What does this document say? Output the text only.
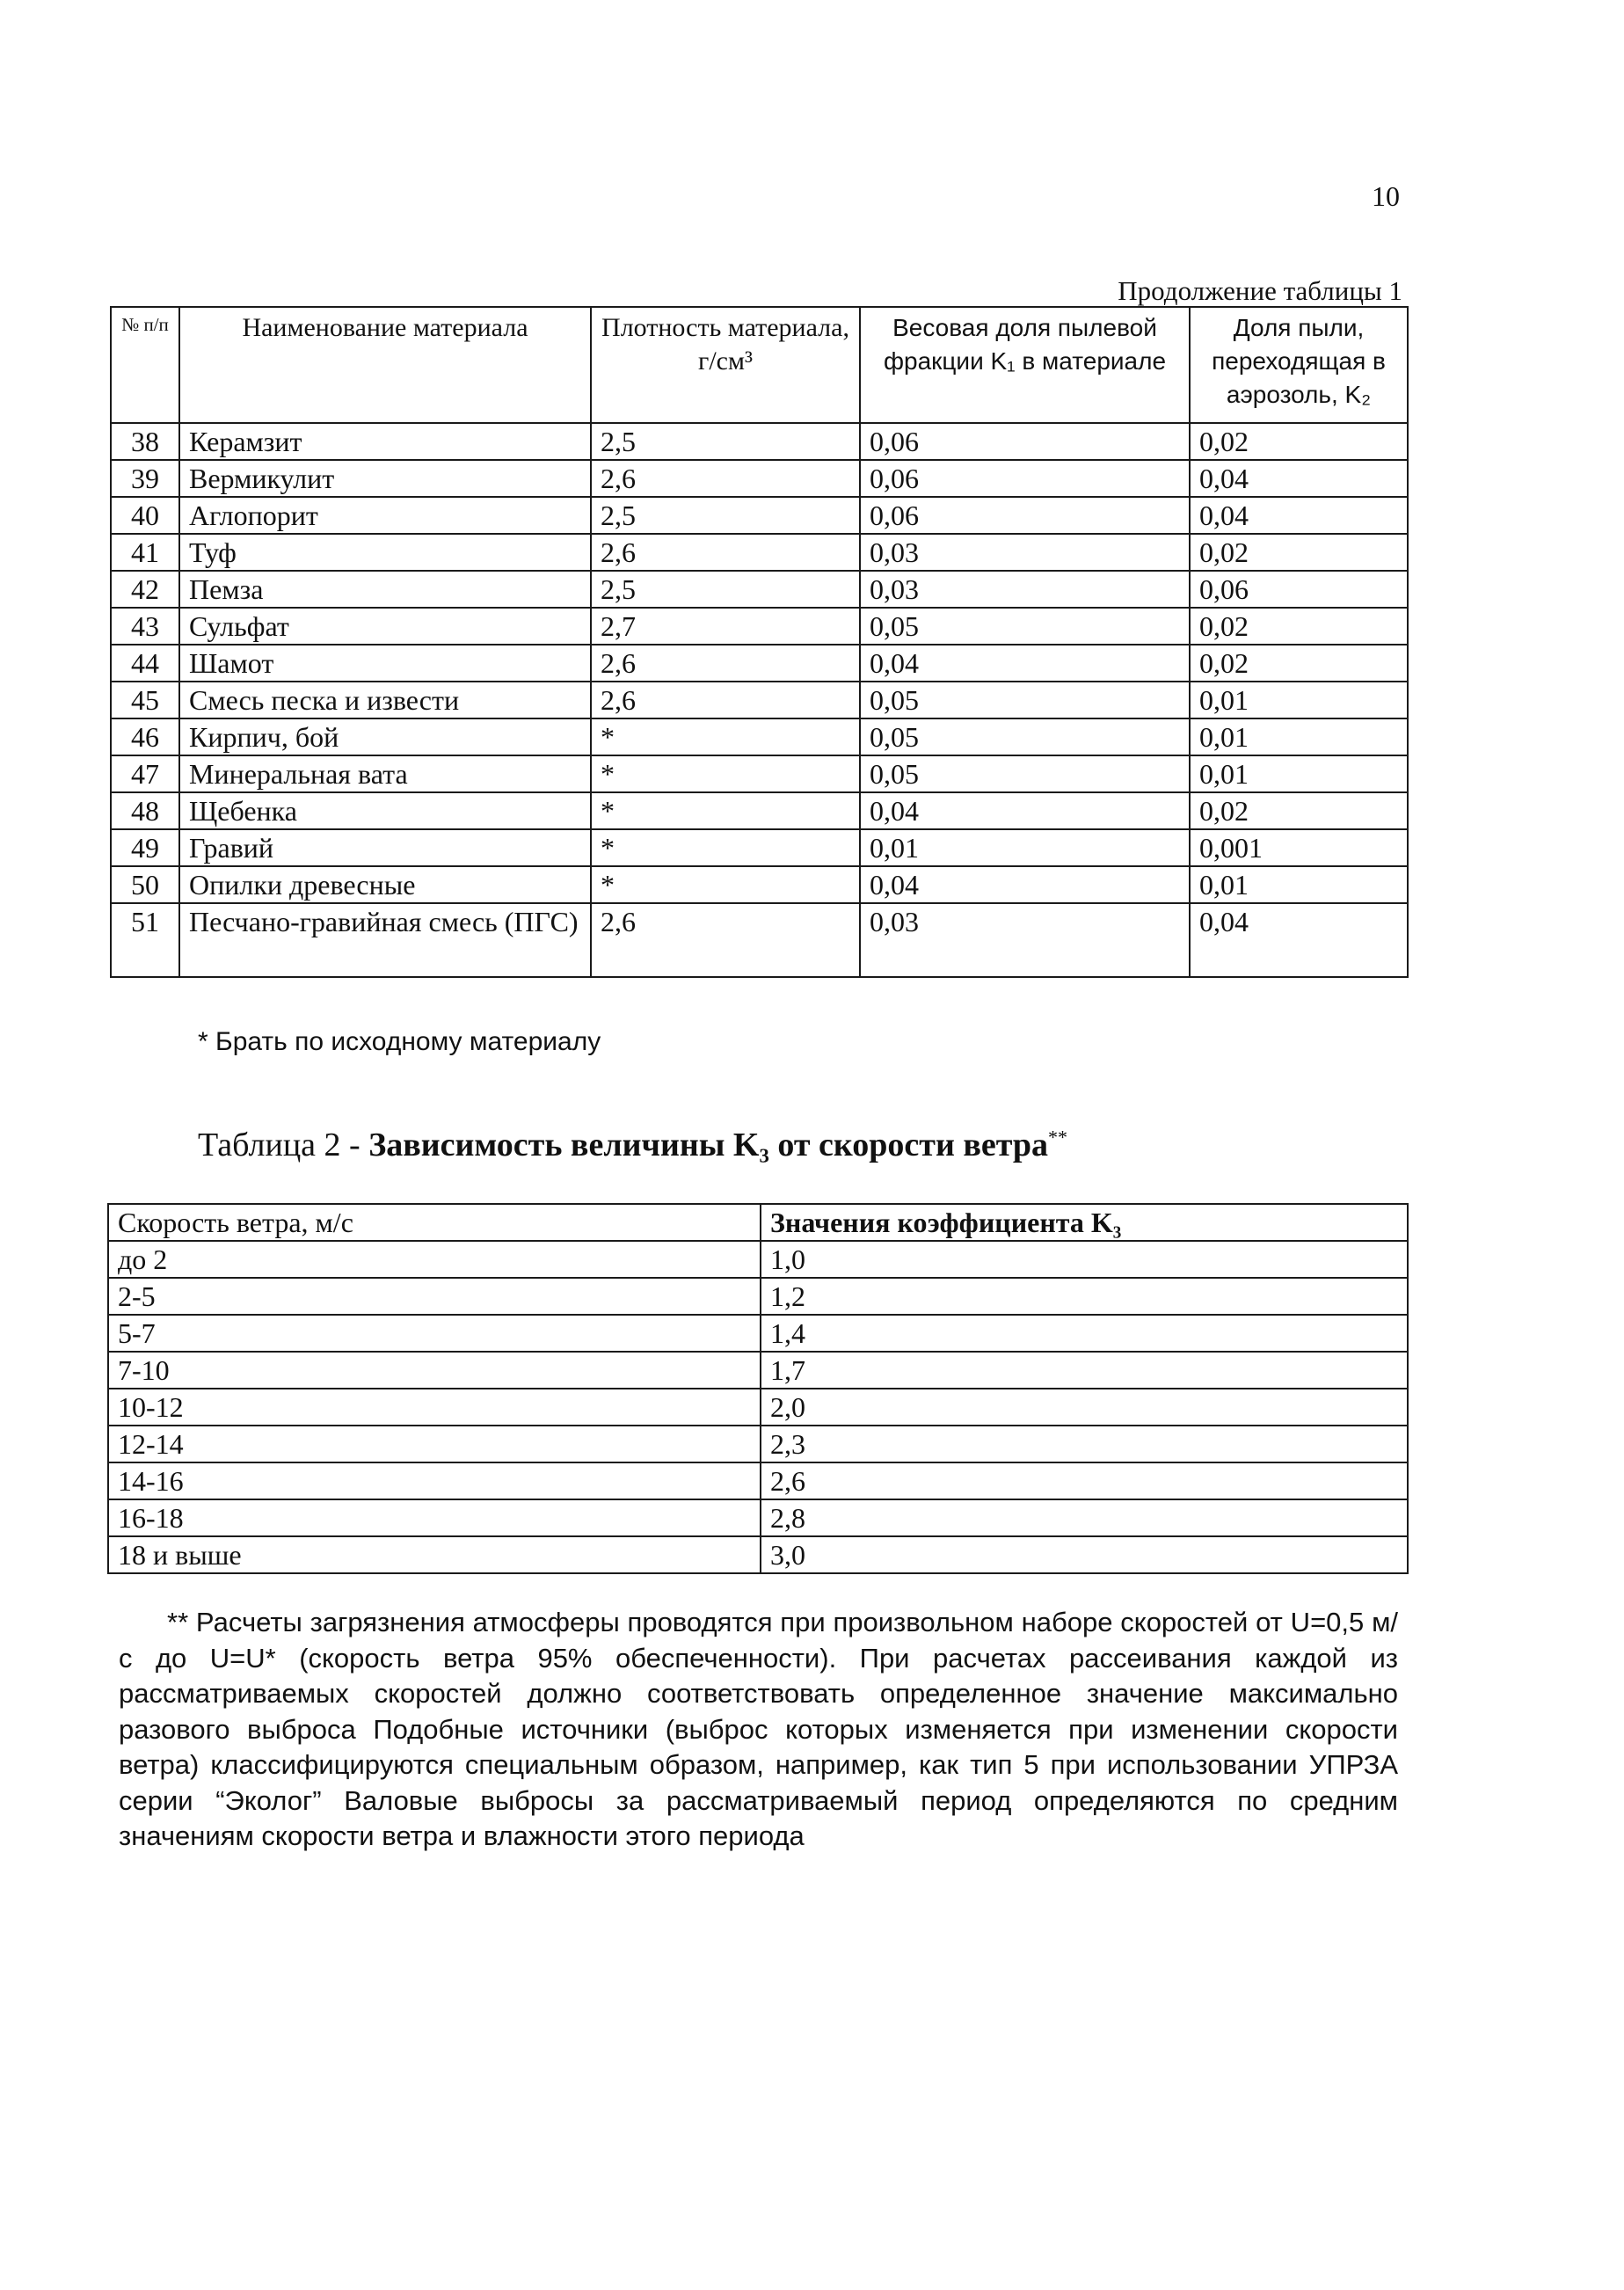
10
Продолжение таблицы 1
№ п/п	Наименование материала	Плотность материала, г/см³	Весовая доля пылевой фракции K₁ в материале	Доля пыли, переходящая в аэрозоль, K₂
38	Керамзит	2,5	0,06	0,02
39	Вермикулит	2,6	0,06	0,04
40	Аглопорит	2,5	0,06	0,04
41	Туф	2,6	0,03	0,02
42	Пемза	2,5	0,03	0,06
43	Сульфат	2,7	0,05	0,02
44	Шамот	2,6	0,04	0,02
45	Смесь песка и извести	2,6	0,05	0,01
46	Кирпич, бой	*	0,05	0,01
47	Минеральная вата	*	0,05	0,01
48	Щебенка	*	0,04	0,02
49	Гравий	*	0,01	0,001
50	Опилки древесные	*	0,04	0,01
51	Песчано-гравийная смесь (ПГС)	2,6	0,03	0,04
* Брать по исходному материалу
Таблица 2 - Зависимость величины K₃ от скорости ветра**
Скорость ветра, м/с	Значения коэффициента K₃
до 2	1,0
2-5	1,2
5-7	1,4
7-10	1,7
10-12	2,0
12-14	2,3
14-16	2,6
16-18	2,8
18 и выше	3,0
** Расчеты загрязнения атмосферы проводятся при произвольном наборе скоростей от U=0,5 м/с до U=U* (скорость ветра 95% обеспеченности). При расчетах рассеивания каждой из рассматриваемых скоростей должно соответствовать определенное значение максимально разового выброса Подобные источники (выброс которых изменяется при изменении скорости ветра) классифицируются специальным образом, например, как тип 5 при использовании УПРЗА серии “Эколог” Валовые выбросы за рассматриваемый период определяются по средним значениям скорости ветра и влажности этого периода
